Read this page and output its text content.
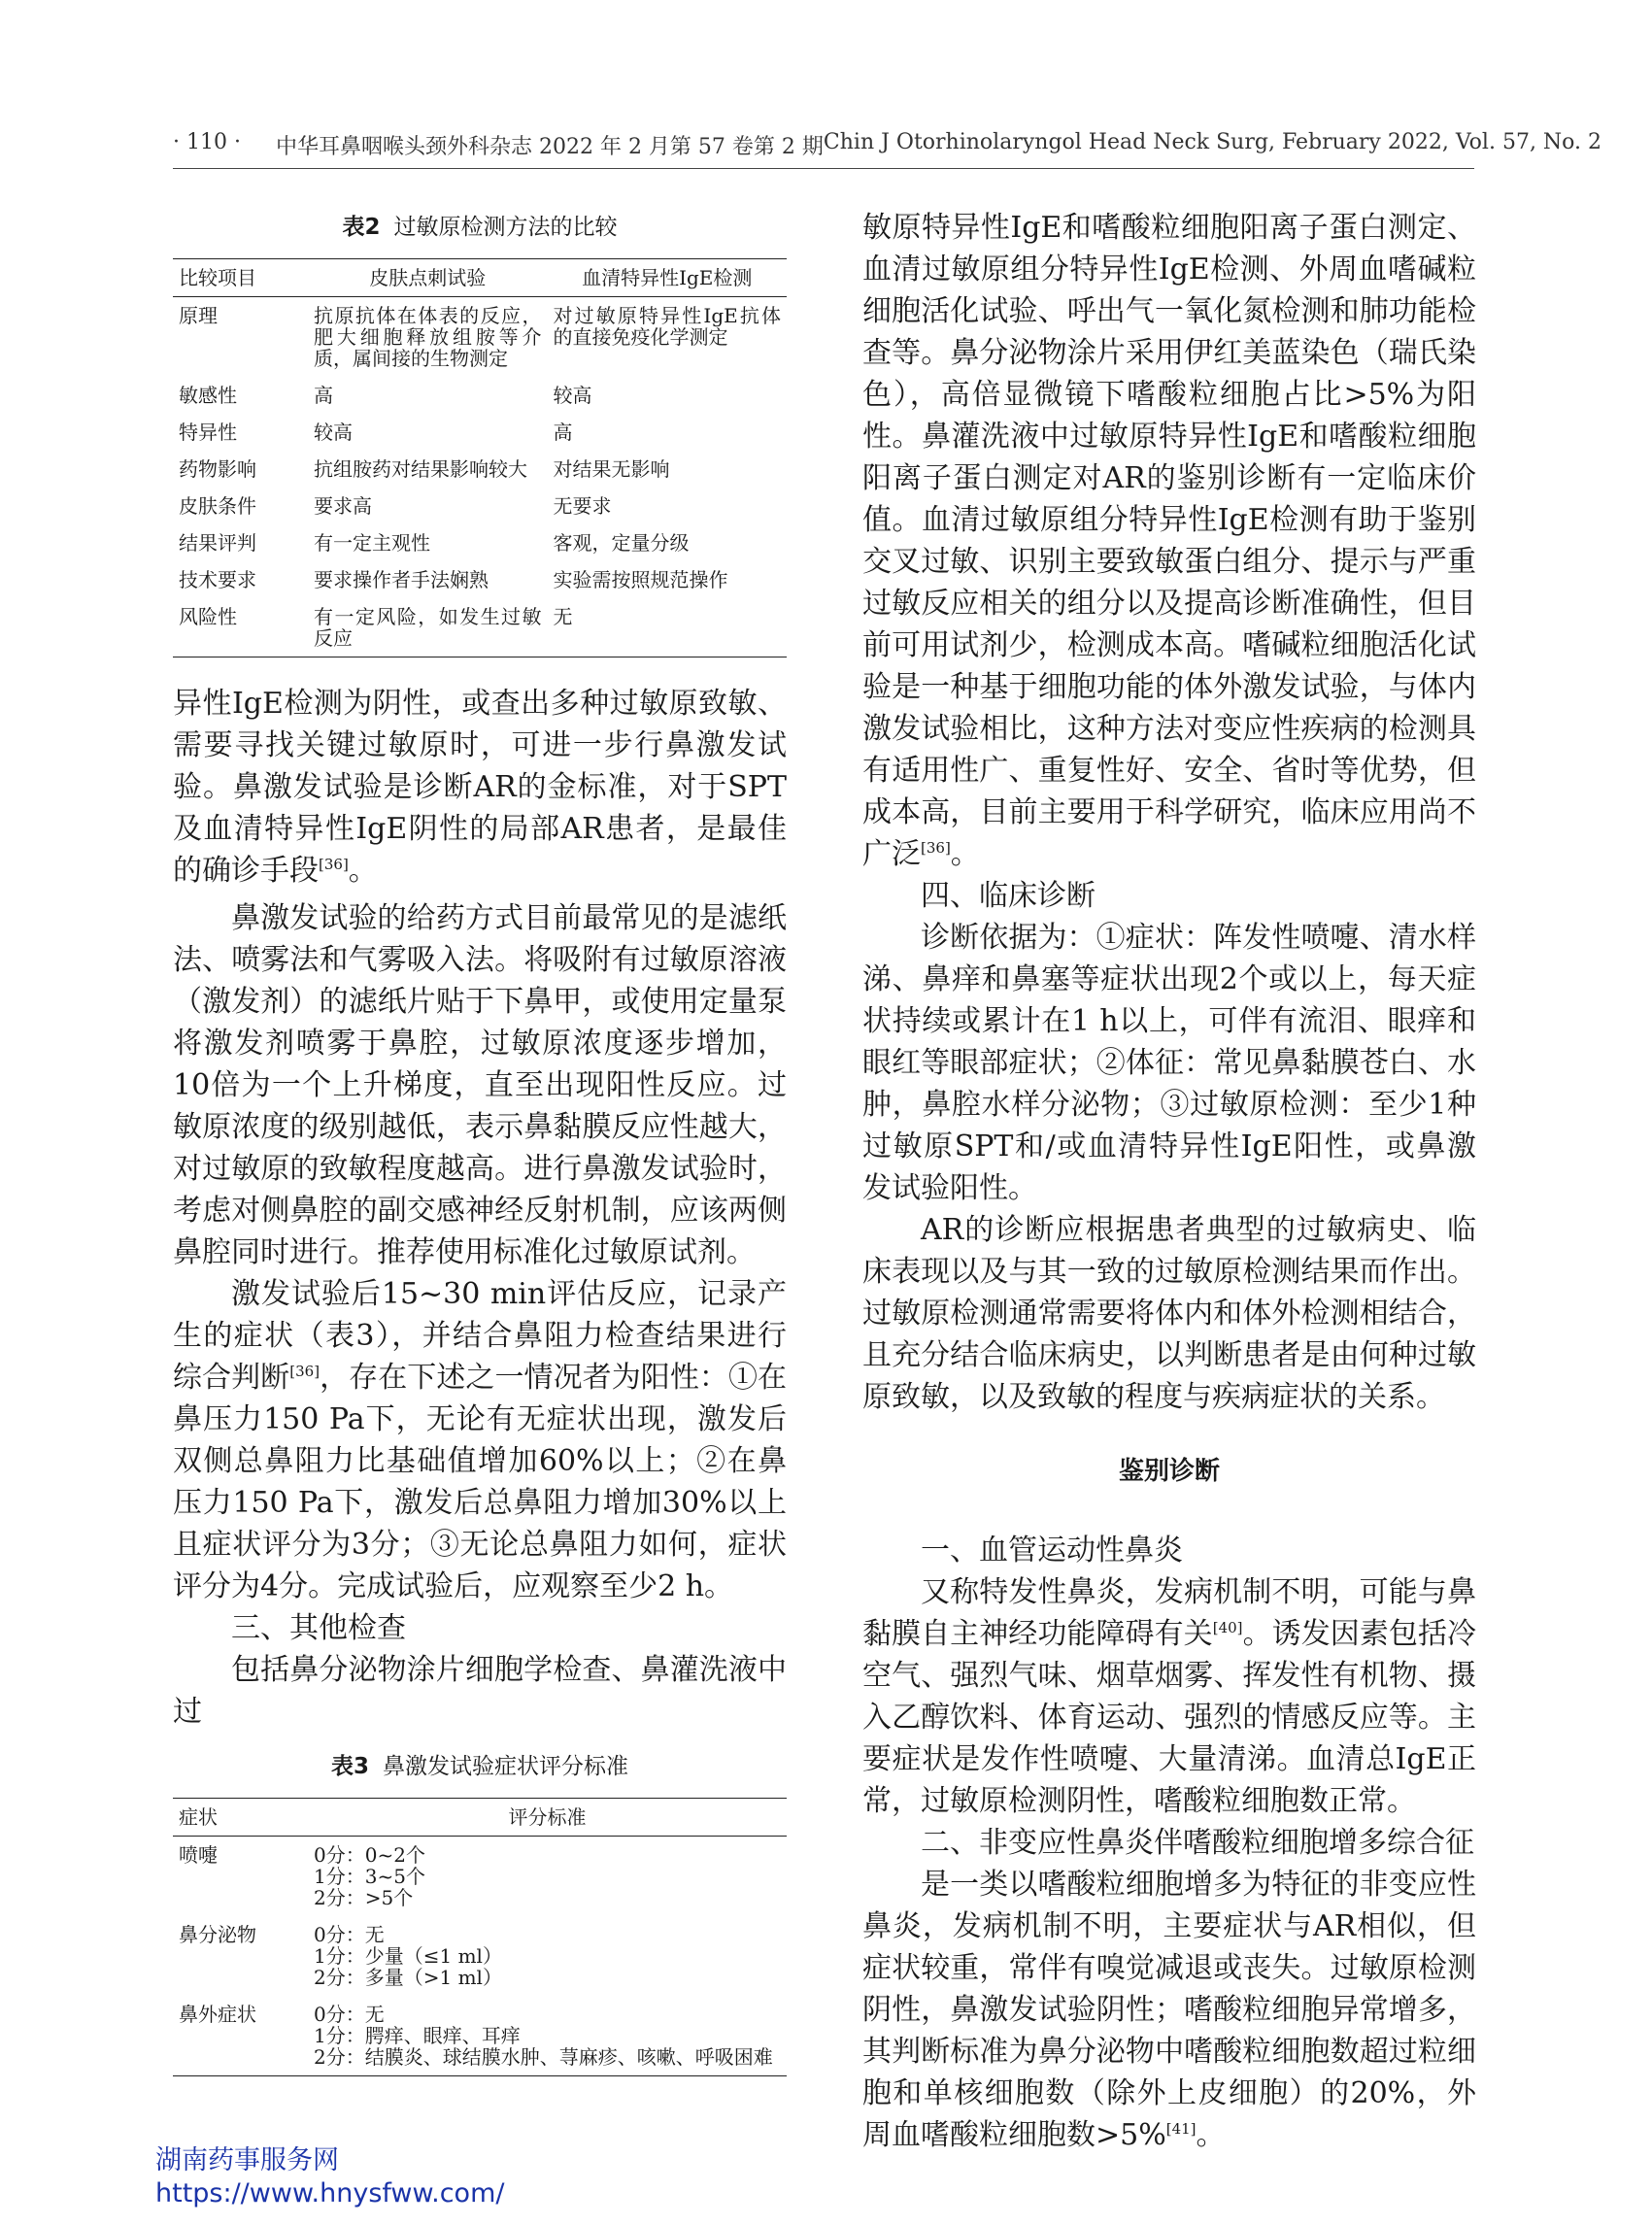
· 110 · 中华耳鼻咽喉头颈外科杂志 2022 年 2 月第 57 卷第 2 期 Chin J Otorhinolaryngol Head Neck Surg, February 2022, Vol. 57, No. 2
表2 过敏原检测方法的比较
比较项目	皮肤点刺试验	血清特异性IgE检测
原理	抗原抗体在体表的反应，肥大细胞释放组胺等介质，属间接的生物测定	对过敏原特异性IgE抗体的直接免疫化学测定
敏感性	高	较高
特异性	较高	高
药物影响	抗组胺药对结果影响较大	对结果无影响
皮肤条件	要求高	无要求
结果评判	有一定主观性	客观，定量分级
技术要求	要求操作者手法娴熟	实验需按照规范操作
风险性	有一定风险，如发生过敏反应	无

异性IgE检测为阴性，或查出多种过敏原致敏、需要寻找关键过敏原时，可进一步行鼻激发试验。鼻激发试验是诊断AR的金标准，对于SPT及血清特异性IgE阴性的局部AR患者，是最佳的确诊手段[36]。

鼻激发试验的给药方式目前最常见的是滤纸法、喷雾法和气雾吸入法。将吸附有过敏原溶液（激发剂）的滤纸片贴于下鼻甲，或使用定量泵将激发剂喷雾于鼻腔，过敏原浓度逐步增加，10倍为一个上升梯度，直至出现阳性反应。过敏原浓度的级别越低，表示鼻黏膜反应性越大，对过敏原的致敏程度越高。进行鼻激发试验时，考虑对侧鼻腔的副交感神经反射机制，应该两侧鼻腔同时进行。推荐使用标准化过敏原试剂。

激发试验后15~30 min评估反应，记录产生的症状（表3），并结合鼻阻力检查结果进行综合判断[36]，存在下述之一情况者为阳性：①在鼻压力150 Pa下，无论有无症状出现，激发后双侧总鼻阻力比基础值增加60%以上；②在鼻压力150 Pa下，激发后总鼻阻力增加30%以上且症状评分为3分；③无论总鼻阻力如何，症状评分为4分。完成试验后，应观察至少2 h。

三、其他检查

包括鼻分泌物涂片细胞学检查、鼻灌洗液中过

表3 鼻激发试验症状评分标准
症状	评分标准
喷嚏	0分：0~2个
1分：3~5个
2分：>5个

鼻分泌物	0分：无
1分：少量（≤1 ml）
2分：多量（>1 ml）

鼻外症状	0分：无
1分：腭痒、眼痒、耳痒
2分：结膜炎、球结膜水肿、荨麻疹、咳嗽、呼吸困难

敏原特异性IgE和嗜酸粒细胞阳离子蛋白测定、血清过敏原组分特异性IgE检测、外周血嗜碱粒细胞活化试验、呼出气一氧化氮检测和肺功能检查等。鼻分泌物涂片采用伊红美蓝染色（瑞氏染色），高倍显微镜下嗜酸粒细胞占比>5%为阳性。鼻灌洗液中过敏原特异性IgE和嗜酸粒细胞阳离子蛋白测定对AR的鉴别诊断有一定临床价值。血清过敏原组分特异性IgE检测有助于鉴别交叉过敏、识别主要致敏蛋白组分、提示与严重过敏反应相关的组分以及提高诊断准确性，但目前可用试剂少，检测成本高。嗜碱粒细胞活化试验是一种基于细胞功能的体外激发试验，与体内激发试验相比，这种方法对变应性疾病的检测具有适用性广、重复性好、安全、省时等优势，但成本高，目前主要用于科学研究，临床应用尚不广泛[36]。

四、临床诊断

诊断依据为：①症状：阵发性喷嚏、清水样涕、鼻痒和鼻塞等症状出现2个或以上，每天症状持续或累计在1 h以上，可伴有流泪、眼痒和眼红等眼部症状；②体征：常见鼻黏膜苍白、水肿，鼻腔水样分泌物；③过敏原检测：至少1种过敏原SPT和/或血清特异性IgE阳性，或鼻激发试验阳性。

AR的诊断应根据患者典型的过敏病史、临床表现以及与其一致的过敏原检测结果而作出。过敏原检测通常需要将体内和体外检测相结合，且充分结合临床病史，以判断患者是由何种过敏原致敏，以及致敏的程度与疾病症状的关系。

鉴别诊断

一、血管运动性鼻炎

又称特发性鼻炎，发病机制不明，可能与鼻黏膜自主神经功能障碍有关[40]。诱发因素包括冷空气、强烈气味、烟草烟雾、挥发性有机物、摄入乙醇饮料、体育运动、强烈的情感反应等。主要症状是发作性喷嚏、大量清涕。血清总IgE正常，过敏原检测阴性，嗜酸粒细胞数正常。

二、非变应性鼻炎伴嗜酸粒细胞增多综合征

是一类以嗜酸粒细胞增多为特征的非变应性鼻炎，发病机制不明，主要症状与AR相似，但症状较重，常伴有嗅觉减退或丧失。过敏原检测阴性，鼻激发试验阴性；嗜酸粒细胞异常增多，其判断标准为鼻分泌物中嗜酸粒细胞数超过粒细胞和单核细胞数（除外上皮细胞）的20%，外周血嗜酸粒细胞数>5%[41]。

湖南药事服务网
https://www.hnysfww.com/
